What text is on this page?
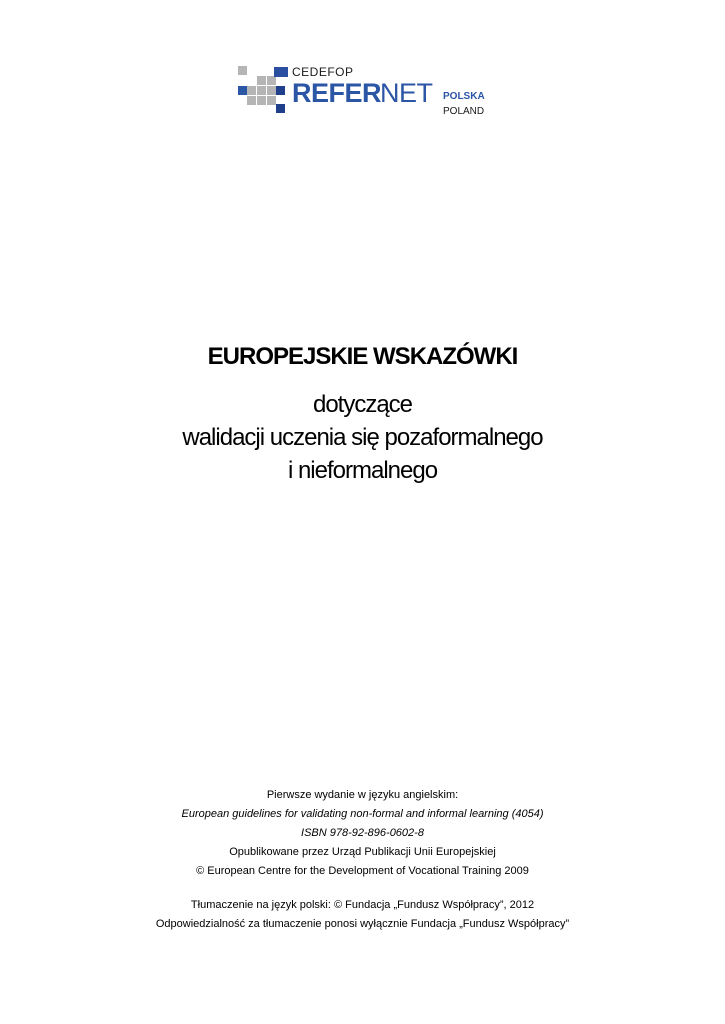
CEDEFOP
REFER
NET POLSKA
POLAND
EUROPEJSKIE WSKAZÓWKI

dotyczące

walidacji uczenia się pozaformalnego

i nieformalnego

Pierwsze wydanie w języku angielskim:

European guidelines for validating non-formal and informal learning (4054)

ISBN 978-92-896-0602-8

Opublikowane przez Urząd Publikacji Unii Europejskiej

© European Centre for the Development of Vocational Training 2009

Tłumaczenie na język polski: © Fundacja „Fundusz Współpracy”, 2012

Odpowiedzialność za tłumaczenie ponosi wyłącznie Fundacja „Fundusz Współpracy”
